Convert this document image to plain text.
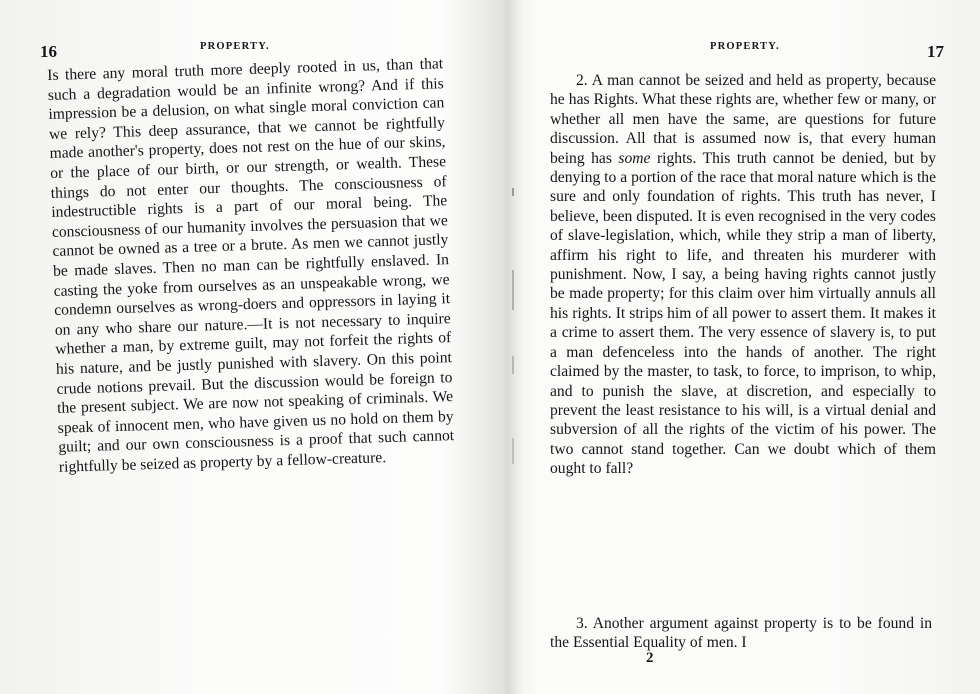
16	PROPERTY.

Is there any moral truth more deeply rooted in us, than that such a degradation would be an infinite wrong? And if this impression be a delusion, on what single moral conviction can we rely? This deep assurance, that we cannot be rightfully made another's property, does not rest on the hue of our skins, or the place of our birth, or our strength, or wealth. These things do not enter our thoughts. The consciousness of indestructible rights is a part of our moral being. The consciousness of our humanity involves the persuasion that we cannot be owned as a tree or a brute. As men we cannot justly be made slaves. Then no man can be rightfully enslaved. In casting the yoke from ourselves as an unspeakable wrong, we condemn ourselves as wrong-doers and oppressors in laying it on any who share our nature.—It is not necessary to inquire whether a man, by extreme guilt, may not forfeit the rights of his nature, and be justly punished with slavery. On this point crude notions prevail. But the discussion would be foreign to the present subject. We are now not speaking of criminals. We speak of innocent men, who have given us no hold on them by guilt; and our own consciousness is a proof that such cannot rightfully be seized as property by a fellow-creature.

17
PROPERTY.

2. A man cannot be seized and held as property, because he has Rights. What these rights are, whether few or many, or whether all men have the same, are questions for future discussion. All that is assumed now is, that every human being has some rights. This truth cannot be denied, but by denying to a portion of the race that moral nature which is the sure and only foundation of rights. This truth has never, I believe, been disputed. It is even recognised in the very codes of slave-legislation, which, while they strip a man of liberty, affirm his right to life, and threaten his murderer with punishment. Now, I say, a being having rights cannot justly be made property; for this claim over him virtually annuls all his rights. It strips him of all power to assert them. It makes it a crime to assert them. The very essence of slavery is, to put a man defenceless into the hands of another. The right claimed by the master, to task, to force, to imprison, to whip, and to punish the slave, at discretion, and especially to prevent the least resistance to his will, is a virtual denial and subversion of all the rights of the victim of his power. The two cannot stand together. Can we doubt which of them ought to fall?

3. Another argument against property is to be found in the Essential Equality of men. I

2
